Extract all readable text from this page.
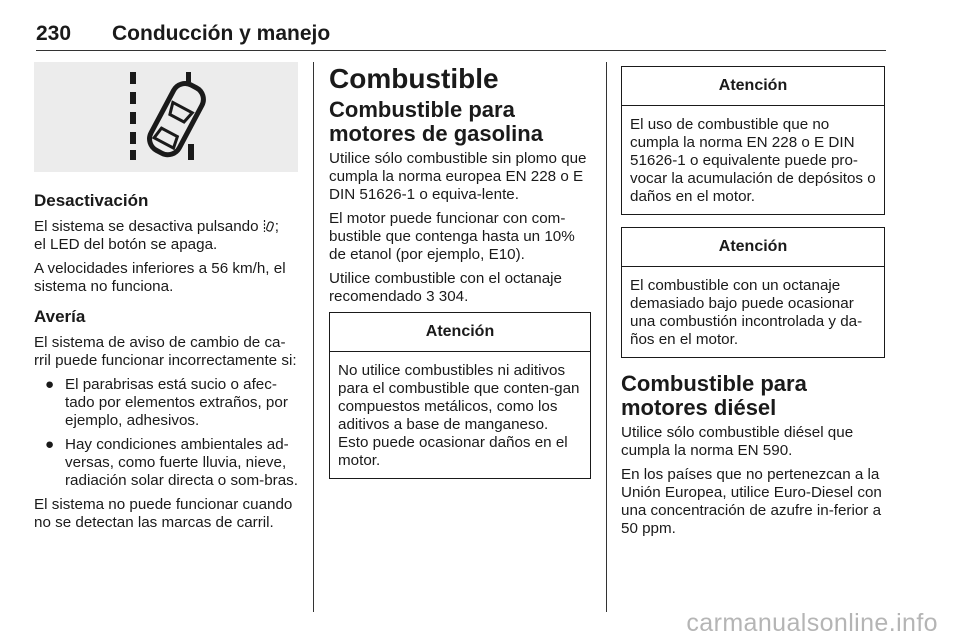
230 Conducción y manejo
Desactivación

El sistema se desactiva pulsando ;
el LED del botón se apaga.

A velocidades inferiores a 56 km/h, el sistema no funciona.

Avería

El sistema de aviso de cambio de ca-rril puede funcionar incorrectamente si:

● El parabrisas está sucio o afec-tado por elementos extraños, por ejemplo, adhesivos.
● Hay condiciones ambientales ad-versas, como fuerte lluvia, nieve, radiación solar directa o som-bras.

El sistema no puede funcionar cuando no se detectan las marcas de carril.

Combustible
Combustible para motores de gasolina

Utilice sólo combustible sin plomo que cumpla la norma europea EN 228 o E DIN 51626-1 o equiva-lente.

El motor puede funcionar con com-bustible que contenga hasta un 10% de etanol (por ejemplo, E10).

Utilice combustible con el octanaje recomendado 3 304.

Atención
No utilice combustibles ni aditivos para el combustible que conten-gan compuestos metálicos, como los aditivos a base de manganeso. Esto puede ocasionar daños en el motor.
Atención
El uso de combustible que no cumpla la norma EN 228 o E DIN 51626-1 o equivalente puede pro-vocar la acumulación de depósitos o daños en el motor.
Atención
El combustible con un octanaje demasiado bajo puede ocasionar una combustión incontrolada y da-ños en el motor.
Combustible para motores diésel

Utilice sólo combustible diésel que cumpla la norma EN 590.

En los países que no pertenezcan a la Unión Europea, utilice Euro-Diesel con una concentración de azufre in-ferior a 50 ppm.

carmanualsonline.info
